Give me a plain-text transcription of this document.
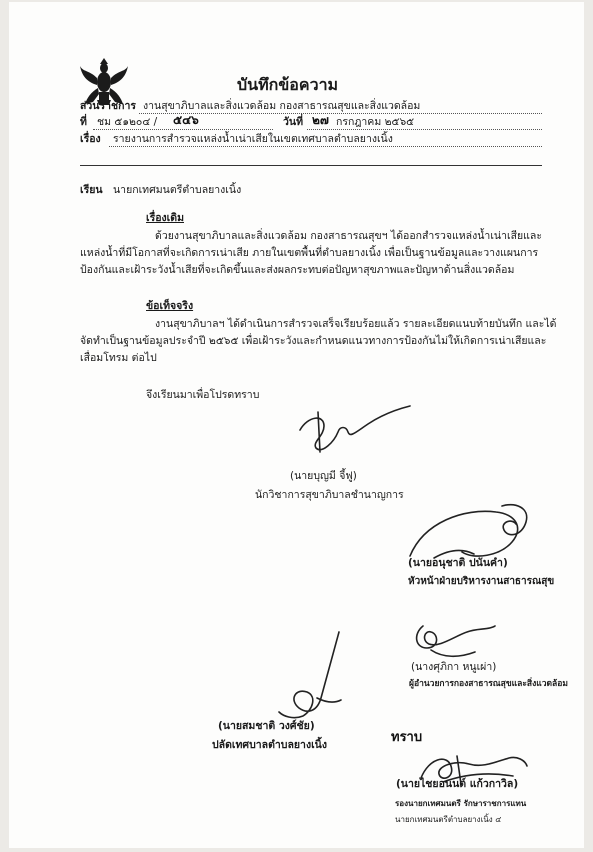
บันทึกข้อความ
ส่วนราชการ งานสุขาภิบาลและสิ่งแวดล้อม กองสาธารณสุขและสิ่งแวดล้อม
ที่ ชม ๕๑๒๐๔ / ๕๔๖	วันที่ ๒๗ กรกฎาคม ๒๕๖๕
เรื่อง รายงานการสำรวจแหล่งน้ำเน่าเสียในเขตเทศบาลตำบลยางเนิ้ง
เรียน นายกเทศมนตรีตำบลยางเนิ้ง
เรื่องเดิม
ด้วยงานสุขาภิบาลและสิ่งแวดล้อม กองสาธารณสุขฯ ได้ออกสำรวจแหล่งน้ำเน่าเสียและ
แหล่งน้ำที่มีโอกาสที่จะเกิดการเน่าเสีย ภายในเขตพื้นที่ตำบลยางเนิ้ง เพื่อเป็นฐานข้อมูลและวางแผนการ
ป้องกันและเฝ้าระวังน้ำเสียที่จะเกิดขึ้นและส่งผลกระทบต่อปัญหาสุขภาพและปัญหาด้านสิ่งแวดล้อม
ข้อเท็จจริง
งานสุขาภิบาลฯ ได้ดำเนินการสำรวจเสร็จเรียบร้อยแล้ว รายละเอียดแนบท้ายบันทึก และได้
จัดทำเป็นฐานข้อมูลประจำปี ๒๕๖๕ เพื่อเฝ้าระวังและกำหนดแนวทางการป้องกันไม่ให้เกิดการเน่าเสียและ
เสื่อมโทรม ต่อไป
จึงเรียนมาเพื่อโปรดทราบ
(นายบุญมี จี้ฟู)
นักวิชาการสุขาภิบาลชำนาญการ
(นายอนุชาติ ปนันคำ)
หัวหน้าฝ่ายบริหารงานสาธารณสุข
(นางศุภิกา หนูเผ่า)
ผู้อำนวยการกองสาธารณสุขและสิ่งแวดล้อม
(นายสมชาติ วงศ์ชัย)
ปลัดเทศบาลตำบลยางเนิ้ง	ทราบ
(นายไชยอนนต์ แก้วกาวิล)
รองนายกเทศมนตรี รักษาราชการแทน
นายกเทศมนตรีตำบลยางเนิ้ง ๔
